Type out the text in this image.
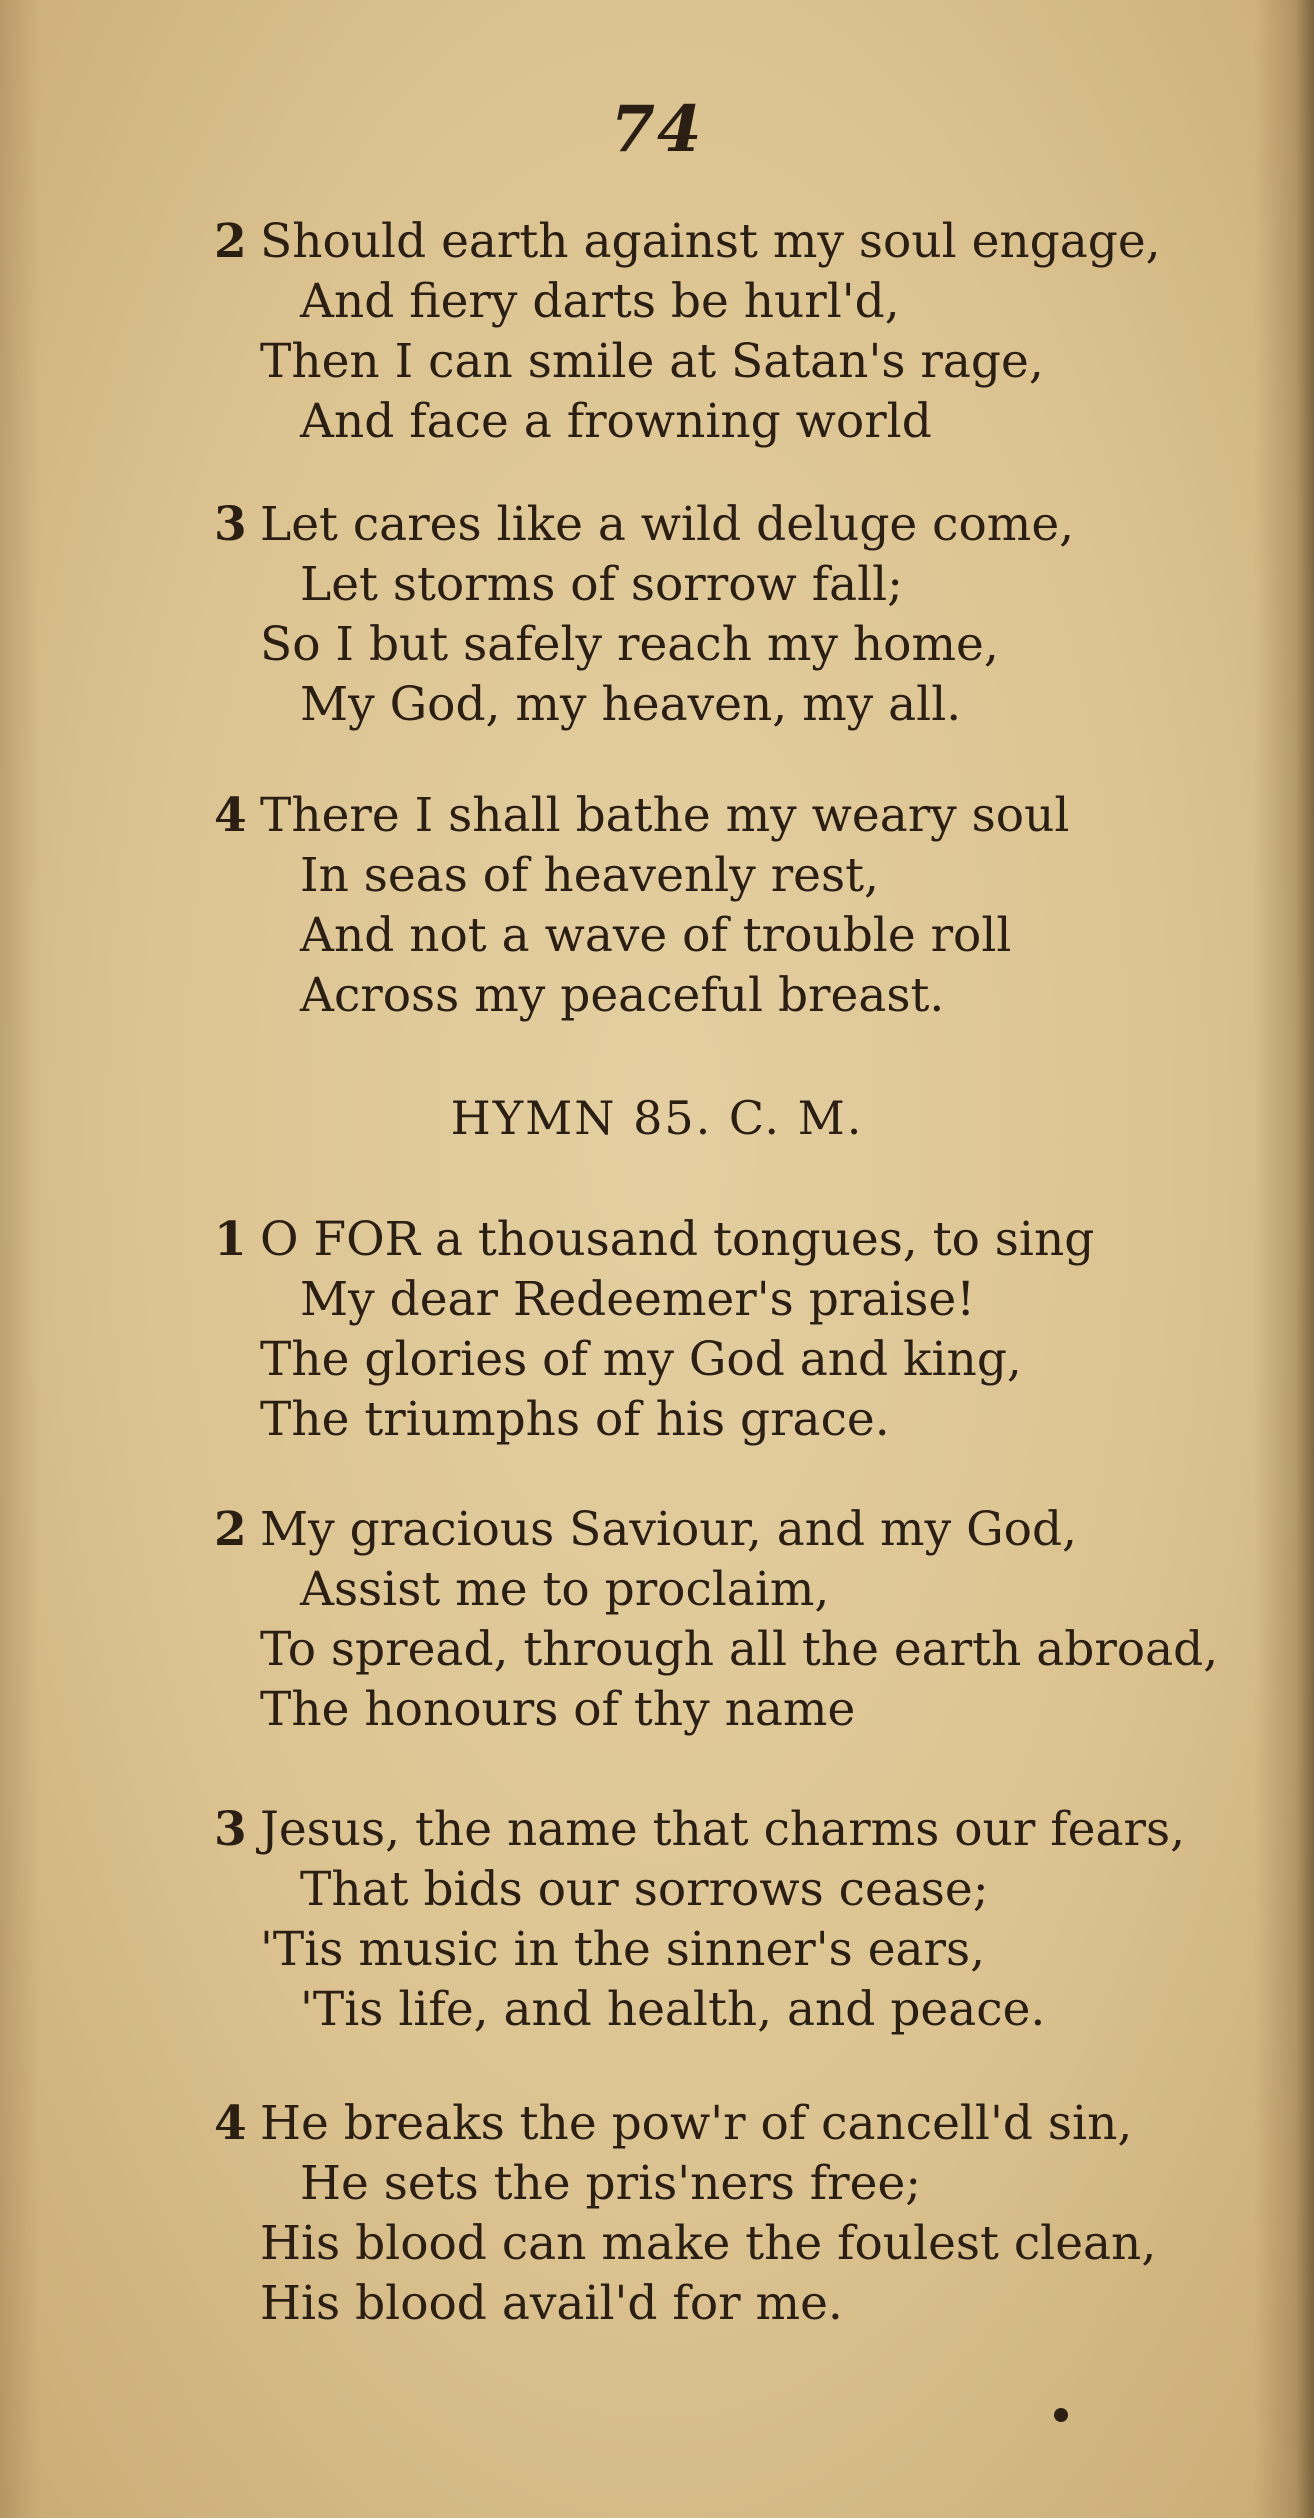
74
2 Should earth against my soul engage,
And fiery darts be hurl'd,
Then I can smile at Satan's rage,
And face a frowning world
3 Let cares like a wild deluge come,
Let storms of sorrow fall;
So I but safely reach my home,
My God, my heaven, my all.
4 There I shall bathe my weary soul
In seas of heavenly rest,
And not a wave of trouble roll
Across my peaceful breast.
HYMN 85. C. M.
1 O FOR a thousand tongues, to sing
My dear Redeemer's praise!
The glories of my God and king,
The triumphs of his grace.
2 My gracious Saviour, and my God,
Assist me to proclaim,
To spread, through all the earth abroad,
The honours of thy name
3 Jesus, the name that charms our fears,
That bids our sorrows cease;
'Tis music in the sinner's ears,
'Tis life, and health, and peace.
4 He breaks the pow'r of cancell'd sin,
He sets the pris'ners free;
His blood can make the foulest clean,
His blood avail'd for me.
